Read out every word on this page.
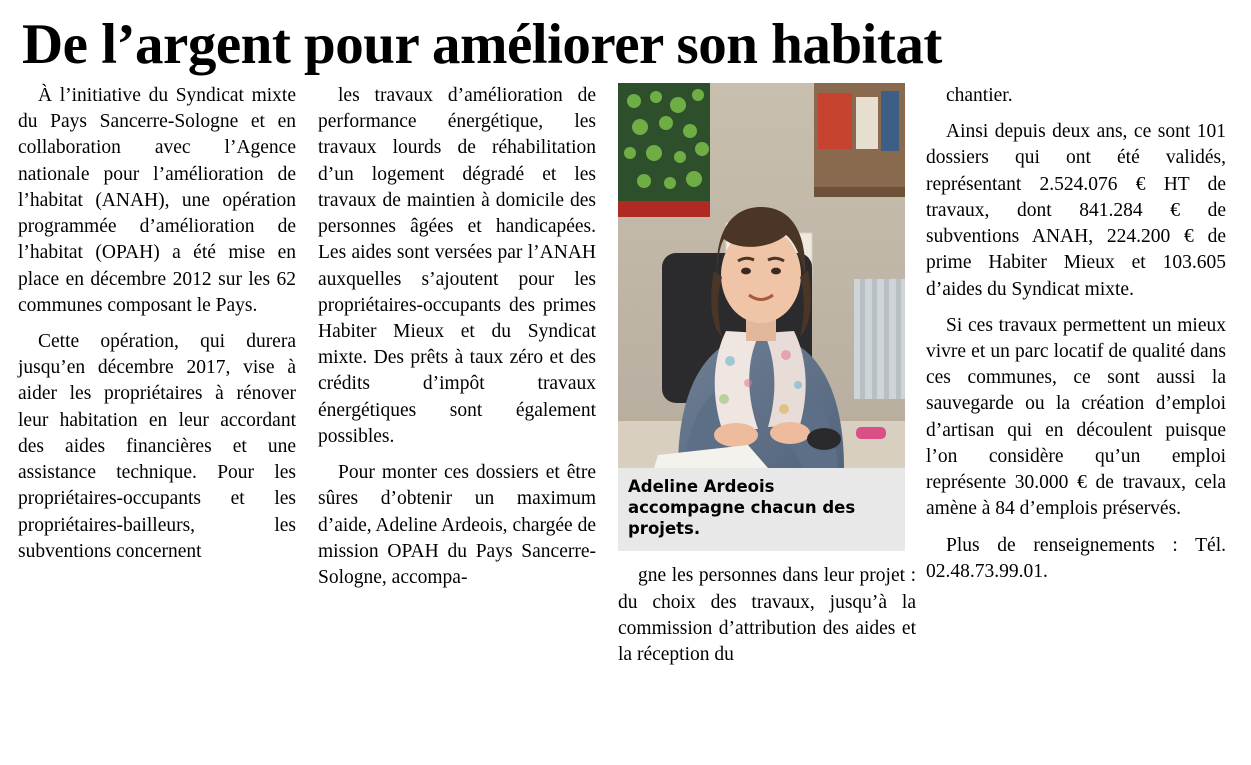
De l’argent pour améliorer son habitat

À l’initiative du Syndicat mixte du Pays Sancerre-Sologne et en collaboration avec l’Agence nationale pour l’amélioration de l’habitat (ANAH), une opération programmée d’amélioration de l’habitat (OPAH) a été mise en place en décembre 2012 sur les 62 communes composant le Pays.

Cette opération, qui durera jusqu’en décembre 2017, vise à aider les propriétaires à rénover leur habitation en leur accordant des aides financières et une assistance technique. Pour les propriétaires-occupants et les propriétaires-bailleurs, les subventions concernent

les travaux d’amélioration de performance énergétique, les travaux lourds de réhabilitation d’un logement dégradé et les travaux de maintien à domicile des personnes âgées et handicapées. Les aides sont versées par l’ANAH auxquelles s’ajoutent pour les propriétaires-occupants des primes Habiter Mieux et du Syndicat mixte. Des prêts à taux zéro et des crédits d’impôt travaux énergétiques sont également possibles.

Pour monter ces dossiers et être sûres d’obtenir un maximum d’aide, Adeline Ardeois, chargée de mission OPAH du Pays Sancerre-Sologne, accompa-

Adeline Ardeois accompagne chacun des projets.

gne les personnes dans leur projet : du choix des travaux, jusqu’à la commission d’attribution des aides et la réception du

chantier.

Ainsi depuis deux ans, ce sont 101 dossiers qui ont été validés, représentant 2.524.076 € HT de travaux, dont 841.284 € de subventions ANAH, 224.200 € de prime Habiter Mieux et 103.605 d’aides du Syndicat mixte.

Si ces travaux permettent un mieux vivre et un parc locatif de qualité dans ces communes, ce sont aussi la sauvegarde ou la création d’emploi d’artisan qui en découlent puisque l’on considère qu’un emploi représente 30.000 € de travaux, cela amène à 84 d’emplois préservés.

Plus de renseignements : Tél. 02.48.73.99.01.
